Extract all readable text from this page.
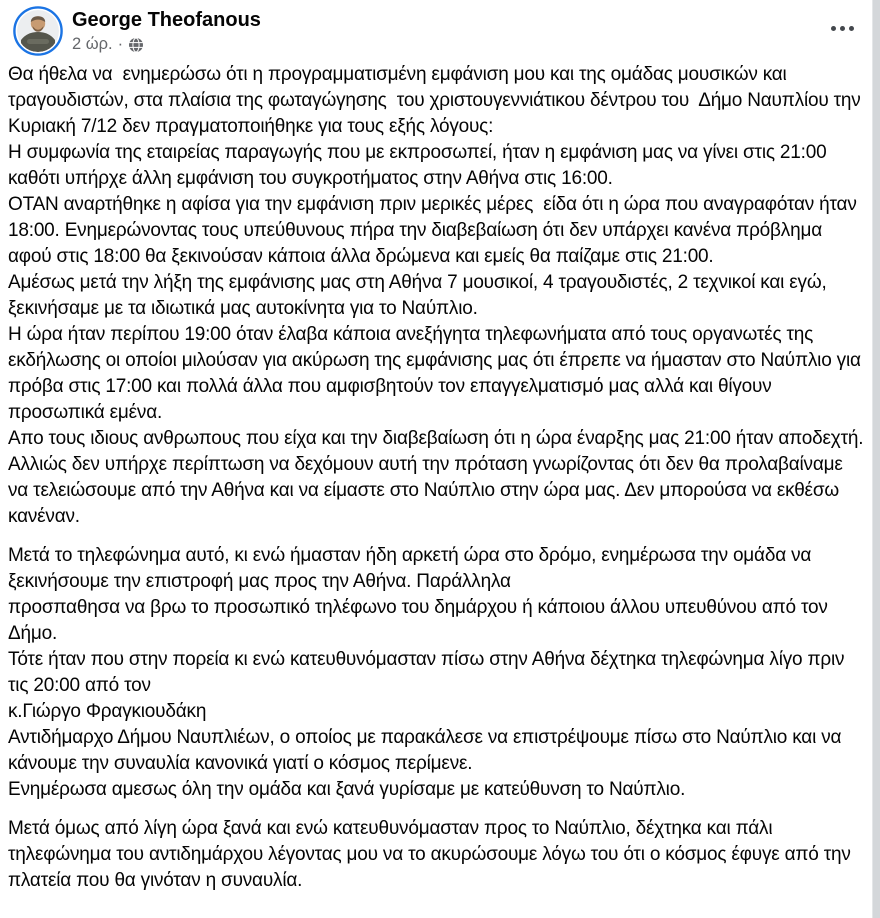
George Theofanous
2 ώρ. ·
Θα ήθελα να  ενημερώσω ότι η προγραμματισμένη εμφάνιση μου και της ομάδας μουσικών και τραγουδιστών, στα πλαίσια της φωταγώγησης  του χριστουγεννιάτικου δέντρου του  Δήμο Ναυπλίου την Κυριακή 7/12 δεν πραγματοποιήθηκε για τους εξής λόγους:
Η συμφωνία της εταιρείας παραγωγής που με εκπροσωπεί, ήταν η εμφάνιση μας να γίνει στις 21:00 καθότι υπήρχε άλλη εμφάνιση του συγκροτήματος στην Αθήνα στις 16:00.
ΟΤΑΝ αναρτήθηκε η αφίσα για την εμφάνιση πριν μερικές μέρες  είδα ότι η ώρα που αναγραφόταν ήταν 18:00. Ενημερώνοντας τους υπεύθυνους πήρα την διαβεβαίωση ότι δεν υπάρχει κανένα πρόβλημα αφού στις 18:00 θα ξεκινούσαν κάποια άλλα δρώμενα και εμείς θα παίζαμε στις 21:00.
Αμέσως μετά την λήξη της εμφάνισης μας στη Αθήνα 7 μουσικοί, 4 τραγουδιστές, 2 τεχνικοί και εγώ, ξεκινήσαμε με τα ιδιωτικά μας αυτοκίνητα για το Ναύπλιο.
Η ώρα ήταν περίπου 19:00 όταν έλαβα κάποια ανεξήγητα τηλεφωνήματα από τους οργανωτές της εκδήλωσης οι οποίοι μιλούσαν για ακύρωση της εμφάνισης μας ότι έπρεπε να ήμασταν στο Ναύπλιο για πρόβα στις 17:00 και πολλά άλλα που αμφισβητούν τον επαγγελματισμό μας αλλά και θίγουν προσωπικά εμένα.
Απο τους ιδιους ανθρωπους που είχα και την διαβεβαίωση ότι η ώρα έναρξης μας 21:00 ήταν αποδεχτή.
Αλλιώς δεν υπήρχε περίπτωση να δεχόμουν αυτή την πρόταση γνωρίζοντας ότι δεν θα προλαβαίναμε να τελειώσουμε από την Αθήνα και να είμαστε στο Ναύπλιο στην ώρα μας. Δεν μπορούσα να εκθέσω κανέναν.
Μετά το τηλεφώνημα αυτό, κι ενώ ήμασταν ήδη αρκετή ώρα στο δρόμο, ενημέρωσα την ομάδα να ξεκινήσουμε την επιστροφή μας προς την Αθήνα. Παράλληλα
προσπαθησα να βρω το προσωπικό τηλέφωνο του δημάρχου ή κάποιου άλλου υπευθύνου από τον Δήμο.
Τότε ήταν που στην πορεία κι ενώ κατευθυνόμασταν πίσω στην Αθήνα δέχτηκα τηλεφώνημα λίγο πριν τις 20:00 από τον
κ.Γιώργο Φραγκιουδάκη
Αντιδήμαρχο Δήμου Ναυπλιέων, ο οποίος με παρακάλεσε να επιστρέψουμε πίσω στο Ναύπλιο και να κάνουμε την συναυλία κανονικά γιατί ο κόσμος περίμενε.
Ενημέρωσα αμεσως όλη την ομάδα και ξανά γυρίσαμε με κατεύθυνση το Ναύπλιο.
Μετά όμως από λίγη ώρα ξανά και ενώ κατευθυνόμασταν προς το Ναύπλιο, δέχτηκα και πάλι τηλεφώνημα του αντιδημάρχου λέγοντας μου να το ακυρώσουμε λόγω του ότι ο κόσμος έφυγε από την πλατεία που θα γινόταν η συναυλία.
